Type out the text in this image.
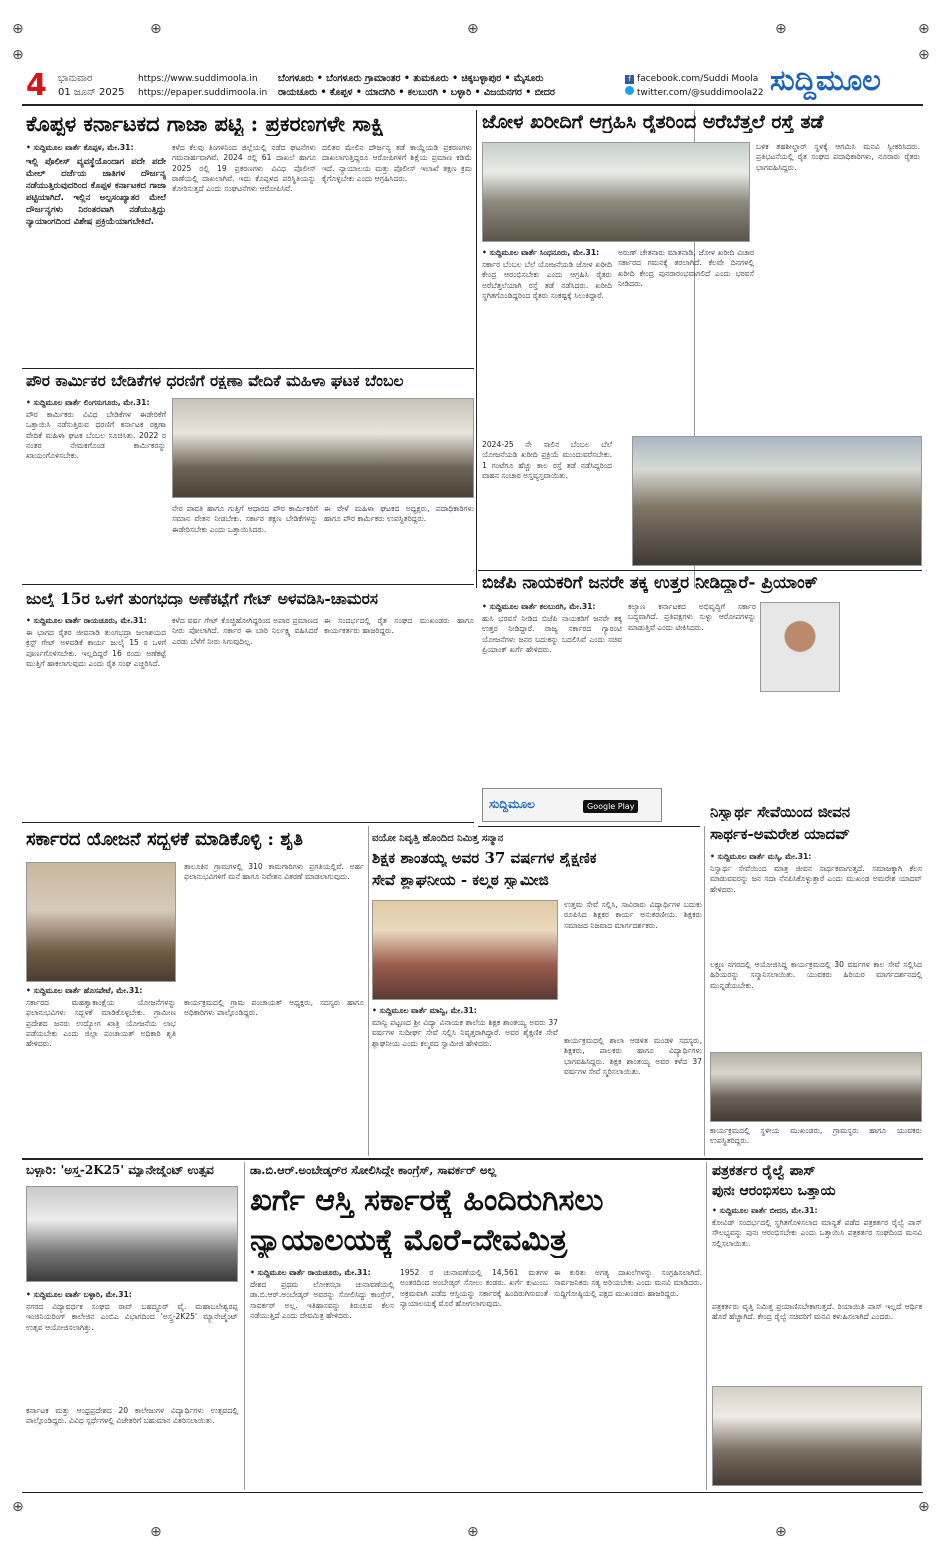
⊕	⊕	⊕	⊕	⊕
⊕
⊕
⊕
⊕	⊕	⊕
⊕
4 ಭಾನುವಾರ
01 ಜೂನ್ 2025
https://www.suddimoola.in
https://epaper.suddimoola.in
ಬೆಂಗಳೂರು • ಬೆಂಗಳೂರು ಗ್ರಾಮಾಂತರ • ತುಮಕೂರು • ಚಿಕ್ಕಬಳ್ಳಾಪುರ • ಮೈಸೂರು
ರಾಯಚೂರು • ಕೊಪ್ಪಳ • ಯಾದಗಿರಿ • ಕಲಬುರಗಿ • ಬಳ್ಳಾರಿ • ವಿಜಯನಗರ • ಬೀದರ
f facebook.com/Suddi Moola
twitter.com/@suddimoola22 ಸುದ್ದಿಮೂಲ
ಕೊಪ್ಪಳ ಕರ್ನಾಟಕದ ಗಾಜಾ ಪಟ್ಟಿ : ಪ್ರಕರಣಗಳೇ ಸಾಕ್ಷಿ
• ಸುದ್ದಿಮೂಲ ವಾರ್ತೆ ಕೊಪ್ಪಳ, ಮೇ.31:
ಇಲ್ಲಿ ಪೊಲೀಸ್ ವ್ಯವಸ್ಥೆಯೊಂದಾಗ ಪದೇ ಪದೇ ಮೇಲ್ ದರ್ಜೆಯ ಜಾತಿಗಳ ದೌರ್ಜನ್ಯ ನಡೆಯುತ್ತಿರುವುದರಿಂದ ಕೊಪ್ಪಳ ಕರ್ನಾಟಕದ ಗಾಜಾ ಪಟ್ಟಿಯಾಗಿದೆ. ಇಲ್ಲಿನ ಅಲ್ಪಸಂಖ್ಯಾತರ ಮೇಲೆ ದೌರ್ಜನ್ಯಗಳು ನಿರಂತರವಾಗಿ ನಡೆಯುತ್ತಿದ್ದು ನ್ಯಾಯಾಂಗದಿಂದ ವಿಶೇಷ ಪ್ರಕ್ರಿಯೆಯಾಗಬೇಕಿದೆ.
ಕಳೆದ ಕೆಲವು ತಿಂಗಳಿನಿಂದ ಜಿಲ್ಲೆಯಲ್ಲಿ ನಡೆದ ಘಟನೆಗಳು ಗಮನಾರ್ಹವಾಗಿವೆ. 2024 ರಲ್ಲಿ 61 ದಾಖಲೆ ಹಾಗೂ 2025 ರಲ್ಲಿ 19 ಪ್ರಕರಣಗಳು ವಿವಿಧ ಪೊಲೀಸ್ ಠಾಣೆಯಲ್ಲಿ ದಾಖಲಾಗಿವೆ. ಇದು ಕೊಪ್ಪಳದ ಪರಿಸ್ಥಿತಿಯನ್ನು ತೋರಿಸುತ್ತದೆ ಎಂದು ಸಂಘಟನೆಗಳು ಆರೋಪಿಸಿವೆ.
ದಲಿತರ ಮೇಲಿನ ದೌರ್ಜನ್ಯ ತಡೆ ಕಾಯ್ದೆಯಡಿ ಪ್ರಕರಣಗಳು ದಾಖಲಾಗುತ್ತಿದ್ದರೂ ಆರೋಪಿಗಳಿಗೆ ಶಿಕ್ಷೆಯ ಪ್ರಮಾಣ ಕಡಿಮೆ ಇದೆ. ನ್ಯಾಯಾಲಯ ಮತ್ತು ಪೊಲೀಸ್ ಇಲಾಖೆ ತಕ್ಷಣ ಕ್ರಮ ಕೈಗೊಳ್ಳಬೇಕು ಎಂದು ಆಗ್ರಹಿಸಿದರು.
ಜೋಳ ಖರೀದಿಗೆ ಆಗ್ರಹಿಸಿ ರೈತರಿಂದ ಅರೆಬೆತ್ತಲೆ ರಸ್ತೆ ತಡೆ
• ಸುದ್ದಿಮೂಲ ವಾರ್ತೆ ಸಿಂಧನೂರು, ಮೇ.31:
ಸರ್ಕಾರ ಬೆಂಬಲ ಬೆಲೆ ಯೋಜನೆಯಡಿ ಜೋಳ ಖರೀದಿ ಕೇಂದ್ರ ಆರಂಭಿಸಬೇಕು ಎಂದು ಆಗ್ರಹಿಸಿ ರೈತರು ಅರೆಬೆತ್ತಲೆಯಾಗಿ ರಸ್ತೆ ತಡೆ ನಡೆಸಿದರು. ಖರೀದಿ ಸ್ಥಗಿತಗೊಂಡಿದ್ದರಿಂದ ರೈತರು ಸಂಕಷ್ಟಕ್ಕೆ ಸಿಲುಕಿದ್ದಾರೆ.
2024-25 ನೇ ಸಾಲಿನ ಬೆಂಬಲ ಬೆಲೆ ಯೋಜನೆಯಡಿ ಖರೀದಿ ಪ್ರಕ್ರಿಯೆ ಮುಂದುವರೆಸಬೇಕು. 1 ಗಂಟೆಗೂ ಹೆಚ್ಚು ಕಾಲ ರಸ್ತೆ ತಡೆ ನಡೆಸಿದ್ದರಿಂದ ವಾಹನ ಸಂಚಾರ ಅಸ್ತವ್ಯಸ್ತವಾಯಿತು.
ಅರುಣ್ ಚೇತನಾರು ಮಾತನಾಡಿ, ಜೋಳ ಖರೀದಿ ವಿಚಾರ ಸರ್ಕಾರದ ಗಮನಕ್ಕೆ ತರಲಾಗಿದೆ. ಕೆಲವೇ ದಿನಗಳಲ್ಲಿ ಖರೀದಿ ಕೇಂದ್ರ ಪುನರಾರಂಭವಾಗಲಿದೆ ಎಂದು ಭರವಸೆ ನೀಡಿದರು.
ಬಳಿಕ ತಹಶೀಲ್ದಾರ್ ಸ್ಥಳಕ್ಕೆ ಆಗಮಿಸಿ ಮನವಿ ಸ್ವೀಕರಿಸಿದರು. ಪ್ರತಿಭಟನೆಯಲ್ಲಿ ರೈತ ಸಂಘದ ಪದಾಧಿಕಾರಿಗಳು, ನೂರಾರು ರೈತರು ಭಾಗವಹಿಸಿದ್ದರು.
ಪೌರ ಕಾರ್ಮಿಕರ ಬೇಡಿಕೆಗಳ ಧರಣಿಗೆ ರಕ್ಷಣಾ ವೇದಿಕೆ ಮಹಿಳಾ ಘಟಕ ಬೆಂಬಲ
• ಸುದ್ದಿಮೂಲ ವಾರ್ತೆ ಲಿಂಗಸುಗೂರು, ಮೇ.31:
ಪೌರ ಕಾರ್ಮಿಕರು ವಿವಿಧ ಬೇಡಿಕೆಗಳ ಈಡೇರಿಕೆಗೆ ಒತ್ತಾಯಿಸಿ ನಡೆಸುತ್ತಿರುವ ಧರಣಿಗೆ ಕರ್ನಾಟಕ ರಕ್ಷಣಾ ವೇದಿಕೆ ಮಹಿಳಾ ಘಟಕ ಬೆಂಬಲ ಸೂಚಿಸಿತು. 2022 ರ ನಂತರ ನೇಮಕಗೊಂಡ ಕಾರ್ಮಿಕರನ್ನು ಖಾಯಂಗೊಳಿಸಬೇಕು.
ನೇರ ಪಾವತಿ ಹಾಗೂ ಗುತ್ತಿಗೆ ಆಧಾರದ ಪೌರ ಕಾರ್ಮಿಕರಿಗೆ ಸಮಾನ ವೇತನ ನೀಡಬೇಕು. ಸರ್ಕಾರ ತಕ್ಷಣ ಬೇಡಿಕೆಗಳನ್ನು ಈಡೇರಿಸಬೇಕು ಎಂದು ಒತ್ತಾಯಿಸಿದರು.
ಈ ವೇಳೆ ಮಹಿಳಾ ಘಟಕದ ಅಧ್ಯಕ್ಷರು, ಪದಾಧಿಕಾರಿಗಳು ಹಾಗೂ ಪೌರ ಕಾರ್ಮಿಕರು ಉಪಸ್ಥಿತರಿದ್ದರು.
ಜುಲೈ 15ರ ಒಳಗೆ ತುಂಗಭದ್ರಾ ಅಣೆಕಟ್ಟೆಗೆ ಗೇಟ್ ಅಳವಡಿಸಿ-ಚಾಮರಸ
• ಸುದ್ದಿಮೂಲ ವಾರ್ತೆ ರಾಯಚೂರು, ಮೇ.31:
ಈ ಭಾಗದ ರೈತರ ಜೀವನಾಡಿ ತುಂಗಭದ್ರಾ ಜಲಾಶಯದ ಕ್ರಸ್ಟ್ ಗೇಟ್ ಅಳವಡಿಕೆ ಕಾರ್ಯ ಜುಲೈ 15 ರ ಒಳಗೆ ಪೂರ್ಣಗೊಳಿಸಬೇಕು. ಇಲ್ಲದಿದ್ದರೆ 16 ರಂದು ಅಣೆಕಟ್ಟೆ ಮುತ್ತಿಗೆ ಹಾಕಲಾಗುವುದು ಎಂದು ರೈತ ಸಂಘ ಎಚ್ಚರಿಸಿದೆ.
ಕಳೆದ ವರ್ಷ ಗೇಟ್ ಕೊಚ್ಚಿಹೋಗಿದ್ದರಿಂದ ಅಪಾರ ಪ್ರಮಾಣದ ನೀರು ಪೋಲಾಗಿದೆ. ಸರ್ಕಾರ ಈ ಬಾರಿ ನಿರ್ಲಕ್ಷ್ಯ ವಹಿಸಿದರೆ ಎರಡು ಬೆಳೆಗೆ ನೀರು ಸಿಗುವುದಿಲ್ಲ.
ಈ ಸಂದರ್ಭದಲ್ಲಿ ರೈತ ಸಂಘದ ಮುಖಂಡರು ಹಾಗೂ ಕಾರ್ಯಕರ್ತರು ಹಾಜರಿದ್ದರು.
ಬಿಜೆಪಿ ನಾಯಕರಿಗೆ ಜನರೇ ತಕ್ಕ ಉತ್ತರ ನೀಡಿದ್ದಾರೆ- ಪ್ರಿಯಾಂಕ್
• ಸುದ್ದಿಮೂಲ ವಾರ್ತೆ ಕಲಬುರಗಿ, ಮೇ.31:
ಹುಸಿ ಭರವಸೆ ನೀಡಿದ ಬಿಜೆಪಿ ನಾಯಕರಿಗೆ ಜನರೇ ತಕ್ಕ ಉತ್ತರ ನೀಡಿದ್ದಾರೆ. ರಾಜ್ಯ ಸರ್ಕಾರದ ಗ್ಯಾರಂಟಿ ಯೋಜನೆಗಳು ಜನರ ಬದುಕನ್ನು ಬದಲಿಸಿವೆ ಎಂದು ಸಚಿವ ಪ್ರಿಯಾಂಕ್ ಖರ್ಗೆ ಹೇಳಿದರು.
ಕಲ್ಯಾಣ ಕರ್ನಾಟಕದ ಅಭಿವೃದ್ಧಿಗೆ ಸರ್ಕಾರ ಬದ್ಧವಾಗಿದೆ. ಪ್ರತಿಪಕ್ಷಗಳು ಸುಳ್ಳು ಆರೋಪಗಳನ್ನು ಮಾಡುತ್ತಿವೆ ಎಂದು ಟೀಕಿಸಿದರು.
ಸುದ್ದಿಮೂಲ	Google Play
ಸರ್ಕಾರದ ಯೋಜನೆ ಸದ್ಬಳಕೆ ಮಾಡಿಕೊಳ್ಳಿ : ಶೃತಿ
• ಸುದ್ದಿಮೂಲ ವಾರ್ತೆ ಹೊಸಪೇಟೆ, ಮೇ.31:
ಸರ್ಕಾರದ ಮಹತ್ವಾಕಾಂಕ್ಷೆಯ ಯೋಜನೆಗಳನ್ನು ಫಲಾನುಭವಿಗಳು ಸದ್ಬಳಕೆ ಮಾಡಿಕೊಳ್ಳಬೇಕು. ಗ್ರಾಮೀಣ ಪ್ರದೇಶದ ಜನರು ಉದ್ಯೋಗ ಖಾತ್ರಿ ಯೋಜನೆಯ ಲಾಭ ಪಡೆಯಬೇಕು ಎಂದು ಜಿಲ್ಲಾ ಪಂಚಾಯತ್ ಅಧಿಕಾರಿ ಶೃತಿ ಹೇಳಿದರು.
ತಾಲೂಕಿನ ಗ್ರಾಮಗಳಲ್ಲಿ 310 ಕಾಮಗಾರಿಗಳು ಪ್ರಗತಿಯಲ್ಲಿವೆ. ಅರ್ಹ ಫಲಾನುಭವಿಗಳಿಗೆ ಮನೆ ಹಾಗೂ ನಿವೇಶನ ವಿತರಣೆ ಮಾಡಲಾಗುವುದು.
ಕಾರ್ಯಕ್ರಮದಲ್ಲಿ ಗ್ರಾಮ ಪಂಚಾಯತ್ ಅಧ್ಯಕ್ಷರು, ಸದಸ್ಯರು ಹಾಗೂ ಅಧಿಕಾರಿಗಳು ಪಾಲ್ಗೊಂಡಿದ್ದರು.
ವಯೋ ನಿವೃತ್ತಿ ಹೊಂದಿದ ನಿಮಿತ್ತ ಸನ್ಮಾನ
ಶಿಕ್ಷಕ ಶಾಂತಯ್ಯ ಅವರ 37 ವರ್ಷಗಳ ಶೈಕ್ಷಣಿಕ
ಸೇವೆ ಶ್ಲಾಘನೀಯ - ಕಲ್ಮಠ ಸ್ವಾಮೀಜಿ
• ಸುದ್ದಿಮೂಲ ವಾರ್ತೆ ಮಾನ್ವಿ, ಮೇ.31:
ಮಾನ್ವಿ ಪಟ್ಟಣದ ಶ್ರೀ ವಿದ್ಯಾ ವಿನಾಯಕ ಶಾಲೆಯ ಶಿಕ್ಷಕ ಶಾಂತಯ್ಯ ಅವರು 37 ವರ್ಷಗಳ ಸುದೀರ್ಘ ಸೇವೆ ಸಲ್ಲಿಸಿ ನಿವೃತ್ತರಾಗಿದ್ದಾರೆ. ಅವರ ಶೈಕ್ಷಣಿಕ ಸೇವೆ ಶ್ಲಾಘನೀಯ ಎಂದು ಕಲ್ಮಠದ ಸ್ವಾಮೀಜಿ ಹೇಳಿದರು.
ಉತ್ತಮ ಸೇವೆ ಸಲ್ಲಿಸಿ, ಸಾವಿರಾರು ವಿದ್ಯಾರ್ಥಿಗಳ ಬದುಕು ರೂಪಿಸಿದ ಶಿಕ್ಷಕರ ಕಾರ್ಯ ಅನುಕರಣೀಯ. ಶಿಕ್ಷಕರು ಸಮಾಜದ ನಿಜವಾದ ಮಾರ್ಗದರ್ಶಕರು.
ಕಾರ್ಯಕ್ರಮದಲ್ಲಿ ಶಾಲಾ ಆಡಳಿತ ಮಂಡಳಿ ಸದಸ್ಯರು, ಶಿಕ್ಷಕರು, ಪಾಲಕರು ಹಾಗೂ ವಿದ್ಯಾರ್ಥಿಗಳು ಭಾಗವಹಿಸಿದ್ದರು. ಶಿಕ್ಷಕ ಶಾಂತಯ್ಯ ಅವರ ಕಳೆದ 37 ವರ್ಷಗಳ ಸೇವೆ ಸ್ಮರಿಸಲಾಯಿತು.
ನಿಸ್ವಾರ್ಥ ಸೇವೆಯಿಂದ ಜೀವನ
ಸಾರ್ಥಕ-ಅಮರೇಶ ಯಾದವ್
• ಸುದ್ದಿಮೂಲ ವಾರ್ತೆ ಮಸ್ಕಿ, ಮೇ.31:
ನಿಸ್ವಾರ್ಥ ಸೇವೆಯಿಂದ ಮಾತ್ರ ಜೀವನ ಸಾರ್ಥಕವಾಗುತ್ತದೆ. ಸಮಾಜಕ್ಕಾಗಿ ಕೆಲಸ ಮಾಡುವವರನ್ನು ಜನ ಸದಾ ನೆನಪಿಸಿಕೊಳ್ಳುತ್ತಾರೆ ಎಂದು ಮುಖಂಡ ಅಮರೇಶ ಯಾದವ್ ಹೇಳಿದರು.
ಲಕ್ಷ್ಮಣ ನಗರದಲ್ಲಿ ಆಯೋಜಿಸಿದ್ದ ಕಾರ್ಯಕ್ರಮದಲ್ಲಿ 30 ವರ್ಷಗಳ ಕಾಲ ಸೇವೆ ಸಲ್ಲಿಸಿದ ಹಿರಿಯರನ್ನು ಸನ್ಮಾನಿಸಲಾಯಿತು. ಯುವಕರು ಹಿರಿಯರ ಮಾರ್ಗದರ್ಶನದಲ್ಲಿ ಮುನ್ನಡೆಯಬೇಕು.
ಕಾರ್ಯಕ್ರಮದಲ್ಲಿ ಸ್ಥಳೀಯ ಮುಖಂಡರು, ಗ್ರಾಮಸ್ಥರು ಹಾಗೂ ಯುವಕರು ಉಪಸ್ಥಿತರಿದ್ದರು.
ಬಳ್ಳಾರಿ: 'ಅಸ್ತ್ರ-2K25' ಮ್ಯಾನೇಜ್ಮೆಂಟ್ ಉತ್ಸವ
• ಸುದ್ದಿಮೂಲ ವಾರ್ತೆ ಬಳ್ಳಾರಿ, ಮೇ.31:
ನಗರದ ವಿದ್ಯಾವರ್ಧಕ ಸಂಘದ ರಾವ್ ಬಹದ್ದೂರ್ ವೈ. ಮಹಾಬಲೇಶ್ವರಪ್ಪ ಇಂಜಿನಿಯರಿಂಗ್ ಕಾಲೇಜಿನ ಎಂಬಿಎ ವಿಭಾಗದಿಂದ 'ಅಸ್ತ್ರ-2K25' ಮ್ಯಾನೇಜ್ಮೆಂಟ್ ಉತ್ಸವ ಆಯೋಜಿಸಲಾಗಿತ್ತು.
ಕರ್ನಾಟಕ ಮತ್ತು ಆಂಧ್ರಪ್ರದೇಶದ 20 ಕಾಲೇಜುಗಳ ವಿದ್ಯಾರ್ಥಿಗಳು ಉತ್ಸವದಲ್ಲಿ ಪಾಲ್ಗೊಂಡಿದ್ದರು. ವಿವಿಧ ಸ್ಪರ್ಧೆಗಳಲ್ಲಿ ವಿಜೇತರಿಗೆ ಬಹುಮಾನ ವಿತರಿಸಲಾಯಿತು.
ಡಾ.ಬಿ.ಆರ್.ಅಂಬೇಡ್ಕರ್‌ರ ಸೋಲಿಸಿದ್ದೇ ಕಾಂಗ್ರೆಸ್, ಸಾವರ್ಕರ್ ಅಲ್ಲ
ಖರ್ಗೆ ಆಸ್ತಿ ಸರ್ಕಾರಕ್ಕೆ ಹಿಂದಿರುಗಿಸಲು
ನ್ಯಾಯಾಲಯಕ್ಕೆ ಮೊರೆ-ದೇವಮಿತ್ರ
• ಸುದ್ದಿಮೂಲ ವಾರ್ತೆ ರಾಯಚೂರು, ಮೇ.31:
ದೇಶದ ಪ್ರಥಮ ಲೋಕಸಭಾ ಚುನಾವಣೆಯಲ್ಲಿ ಡಾ.ಬಿ.ಆರ್.ಅಂಬೇಡ್ಕರ್ ಅವರನ್ನು ಸೋಲಿಸಿದ್ದು ಕಾಂಗ್ರೆಸ್, ಸಾವರ್ಕರ್ ಅಲ್ಲ. ಇತಿಹಾಸವನ್ನು ತಿರುಚುವ ಕೆಲಸ ನಡೆಯುತ್ತಿದೆ ಎಂದು ದೇವಮಿತ್ರ ಹೇಳಿದರು.
1952 ರ ಚುನಾವಣೆಯಲ್ಲಿ 14,561 ಮತಗಳ ಅಂತರದಿಂದ ಅಂಬೇಡ್ಕರ್ ಸೋಲು ಕಂಡರು. ಖರ್ಗೆ ಕುಟುಂಬ ಅಕ್ರಮವಾಗಿ ಪಡೆದ ಆಸ್ತಿಯನ್ನು ಸರ್ಕಾರಕ್ಕೆ ಹಿಂದಿರುಗಿಸುವಂತೆ ನ್ಯಾಯಾಲಯಕ್ಕೆ ಮೊರೆ ಹೋಗಲಾಗುವುದು.
ಈ ಕುರಿತು ಅಗತ್ಯ ದಾಖಲೆಗಳನ್ನು ಸಂಗ್ರಹಿಸಲಾಗಿದೆ. ಸಾರ್ವಜನಿಕರು ಸತ್ಯ ಅರಿಯಬೇಕು ಎಂದು ಮನವಿ ಮಾಡಿದರು. ಸುದ್ದಿಗೋಷ್ಠಿಯಲ್ಲಿ ಪಕ್ಷದ ಮುಖಂಡರು ಹಾಜರಿದ್ದರು.
ಪತ್ರಕರ್ತರ ರೈಲ್ವೆ ಪಾಸ್
ಪುನಃ ಆರಂಭಿಸಲು ಒತ್ತಾಯ
• ಸುದ್ದಿಮೂಲ ವಾರ್ತೆ ಬೀದರ, ಮೇ.31:
ಕೋವಿಡ್ ಸಂದರ್ಭದಲ್ಲಿ ಸ್ಥಗಿತಗೊಳಿಸಲಾದ ಮಾನ್ಯತೆ ಪಡೆದ ಪತ್ರಕರ್ತರ ರೈಲ್ವೆ ಪಾಸ್ ಸೌಲಭ್ಯವನ್ನು ಪುನಃ ಆರಂಭಿಸಬೇಕು ಎಂದು ಒತ್ತಾಯಿಸಿ ಪತ್ರಕರ್ತರ ಸಂಘದಿಂದ ಮನವಿ ಸಲ್ಲಿಸಲಾಯಿತು.
ಪತ್ರಕರ್ತರು ವೃತ್ತಿ ನಿಮಿತ್ತ ಪ್ರಯಾಣಿಸಬೇಕಾಗುತ್ತದೆ. ರಿಯಾಯಿತಿ ಪಾಸ್ ಇಲ್ಲದೆ ಆರ್ಥಿಕ ಹೊರೆ ಹೆಚ್ಚಾಗಿದೆ. ಕೇಂದ್ರ ರೈಲ್ವೆ ಸಚಿವರಿಗೆ ಮನವಿ ಕಳುಹಿಸಲಾಗಿದೆ ಎಂದರು.
